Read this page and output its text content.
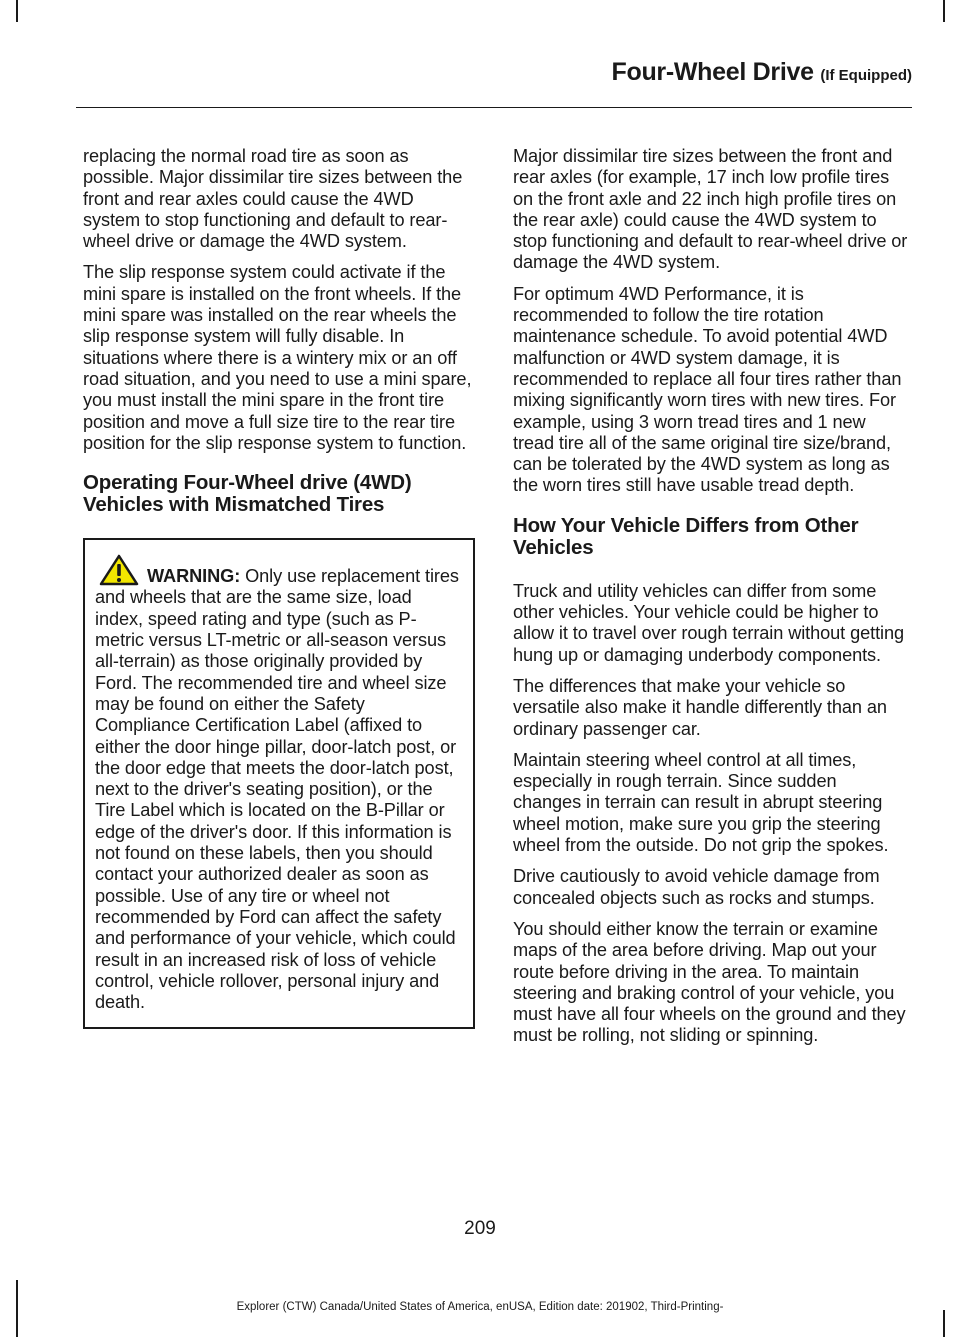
Four-Wheel Drive (If Equipped)

replacing the normal road tire as soon as possible. Major dissimilar tire sizes between the front and rear axles could cause the 4WD system to stop functioning and default to rear-wheel drive or damage the 4WD system.

The slip response system could activate if the mini spare is installed on the front wheels. If the mini spare was installed on the rear wheels the slip response system will fully disable. In situations where there is a wintery mix or an off road situation, and you need to use a mini spare, you must install the mini spare in the front tire position and move a full size tire to the rear tire position for the slip response system to function.

Operating Four-Wheel drive (4WD) Vehicles with Mismatched Tires

WARNING: Only use replacement tires and wheels that are the same size, load index, speed rating and type (such as P-metric versus LT-metric or all-season versus all-terrain) as those originally provided by Ford. The recommended tire and wheel size may be found on either the Safety Compliance Certification Label (affixed to either the door hinge pillar, door-latch post, or the door edge that meets the door-latch post, next to the driver's seating position), or the Tire Label which is located on the B-Pillar or edge of the driver's door. If this information is not found on these labels, then you should contact your authorized dealer as soon as possible. Use of any tire or wheel not recommended by Ford can affect the safety and performance of your vehicle, which could result in an increased risk of loss of vehicle control, vehicle rollover, personal injury and death.

Major dissimilar tire sizes between the front and rear axles (for example, 17 inch low profile tires on the front axle and 22 inch high profile tires on the rear axle) could cause the 4WD system to stop functioning and default to rear-wheel drive or damage the 4WD system.

For optimum 4WD Performance, it is recommended to follow the tire rotation maintenance schedule. To avoid potential 4WD malfunction or 4WD system damage, it is recommended to replace all four tires rather than mixing significantly worn tires with new tires. For example, using 3 worn tread tires and 1 new tread tire all of the same original tire size/brand, can be tolerated by the 4WD system as long as the worn tires still have usable tread depth.

How Your Vehicle Differs from Other Vehicles

Truck and utility vehicles can differ from some other vehicles. Your vehicle could be higher to allow it to travel over rough terrain without getting hung up or damaging underbody components.

The differences that make your vehicle so versatile also make it handle differently than an ordinary passenger car.

Maintain steering wheel control at all times, especially in rough terrain. Since sudden changes in terrain can result in abrupt steering wheel motion, make sure you grip the steering wheel from the outside. Do not grip the spokes.

Drive cautiously to avoid vehicle damage from concealed objects such as rocks and stumps.

You should either know the terrain or examine maps of the area before driving. Map out your route before driving in the area. To maintain steering and braking control of your vehicle, you must have all four wheels on the ground and they must be rolling, not sliding or spinning.

209
Explorer (CTW) Canada/United States of America, enUSA, Edition date: 201902, Third-Printing-
